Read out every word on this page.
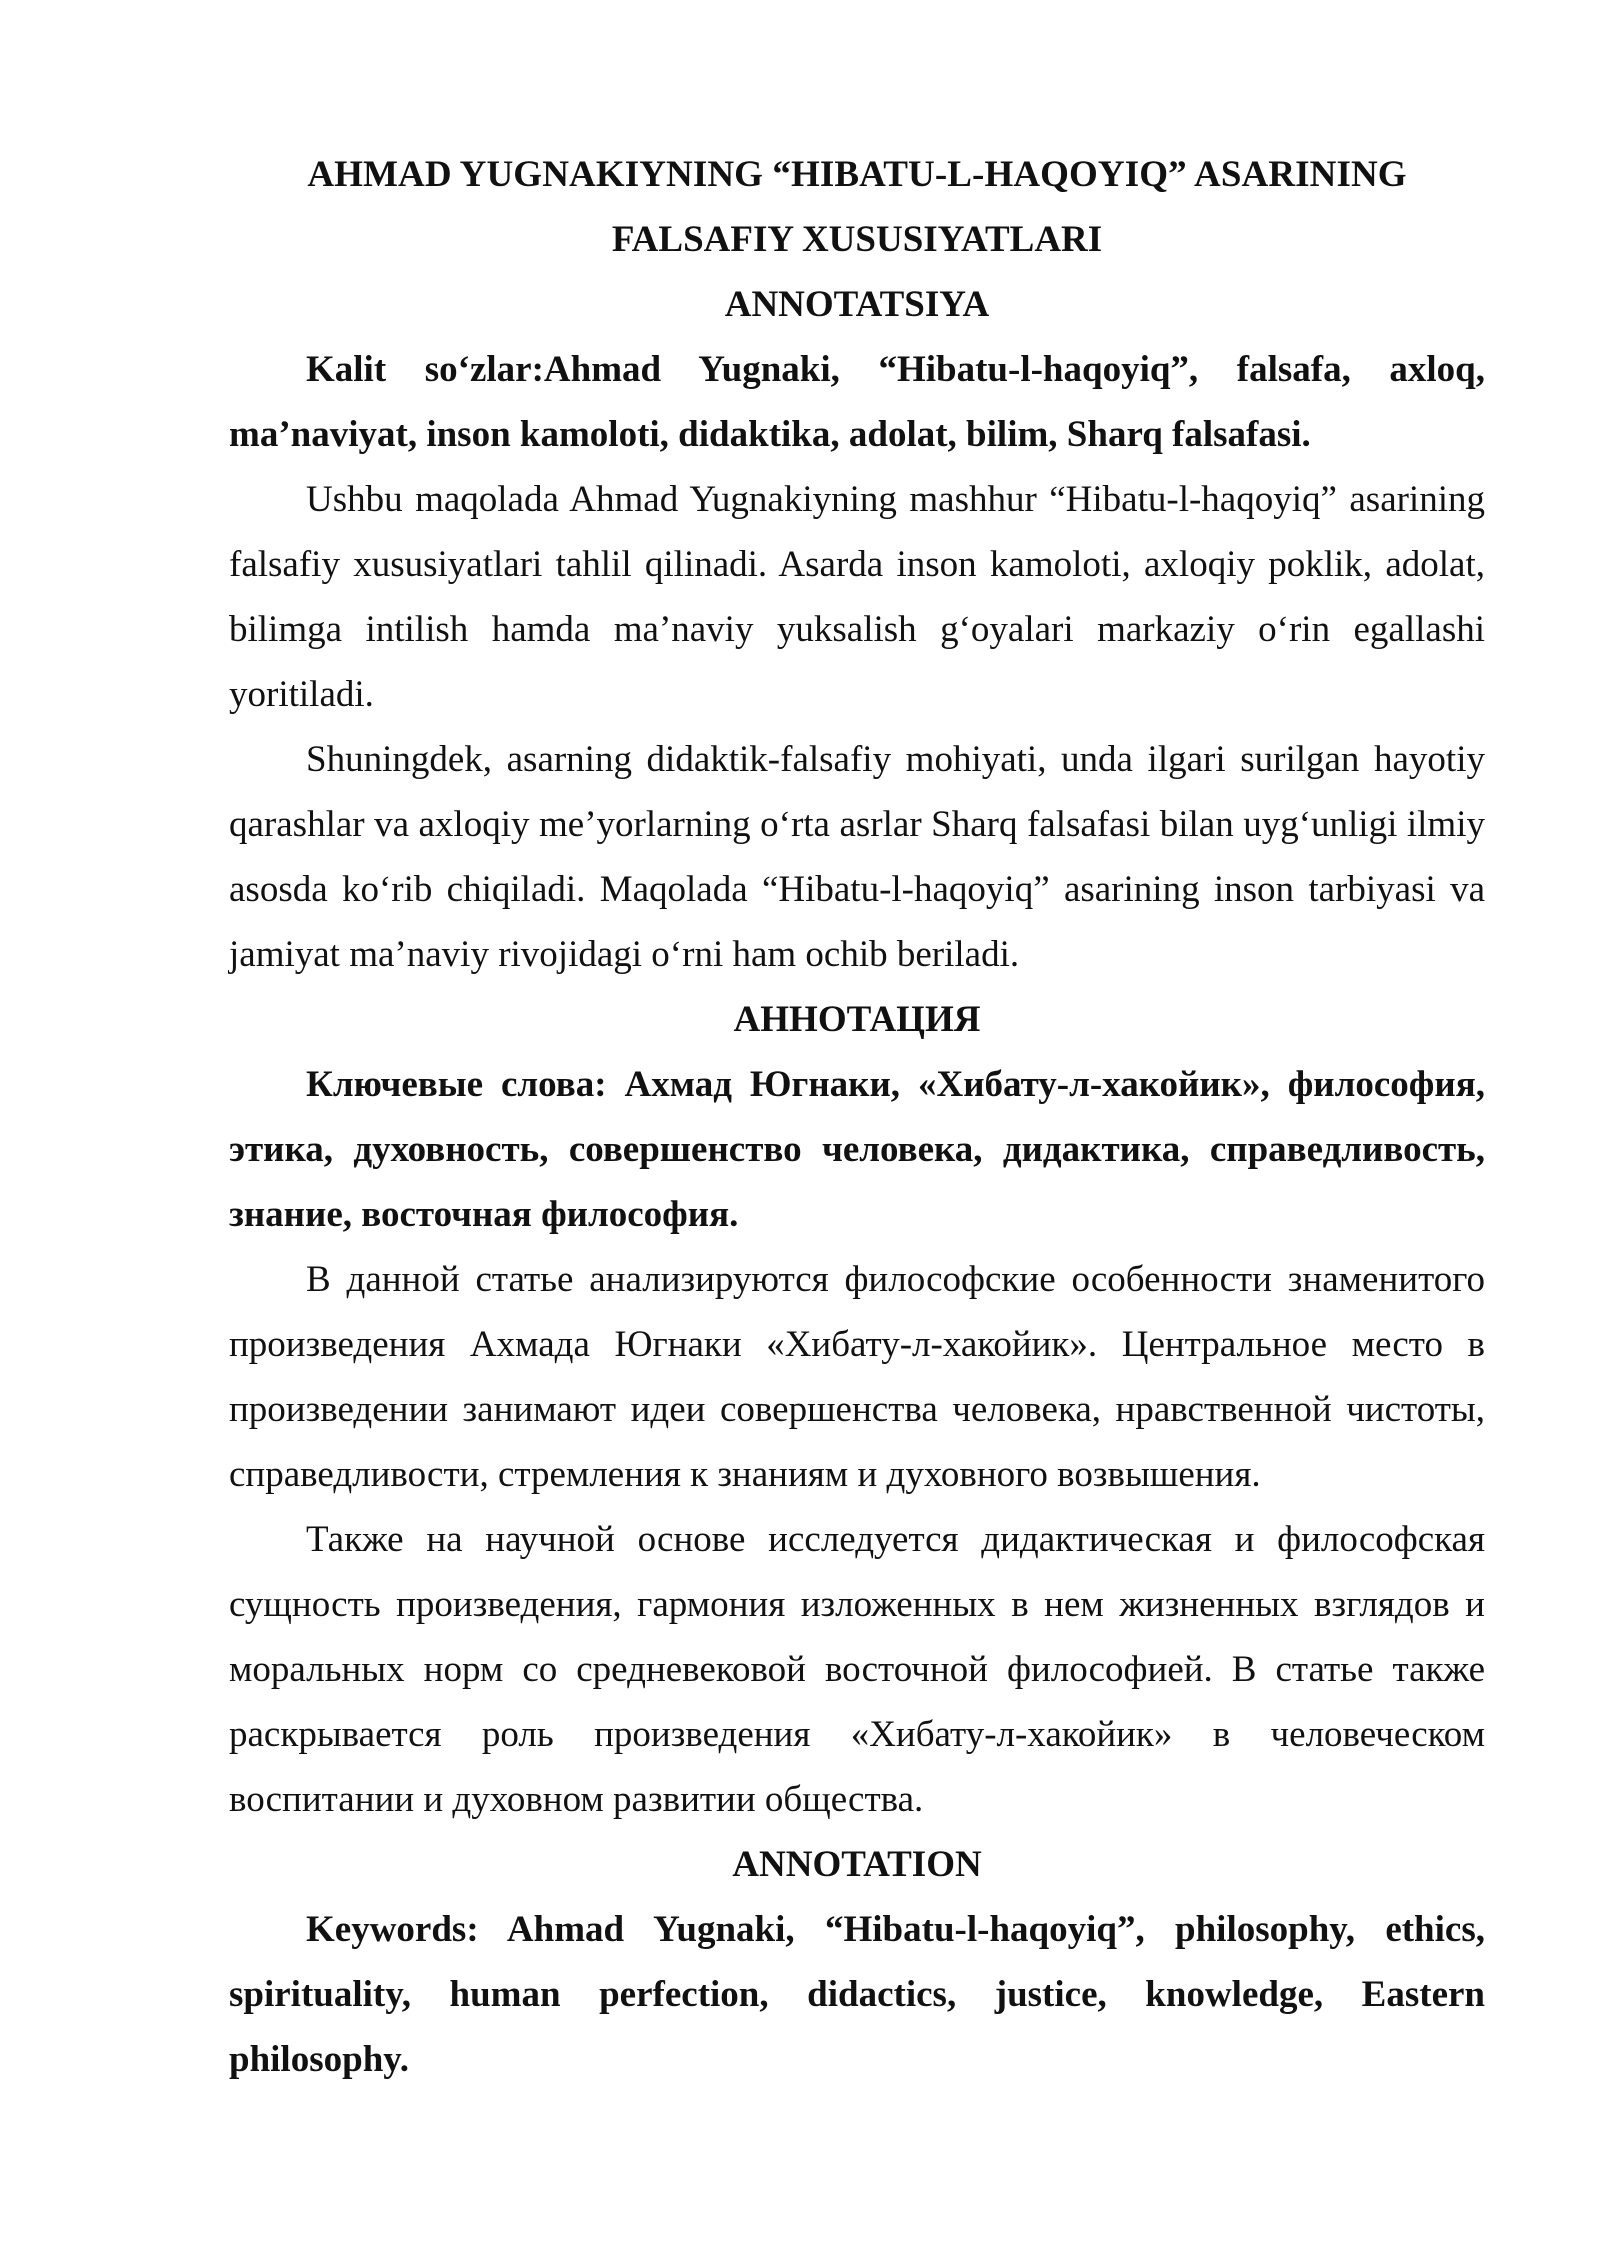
AHMAD YUGNAKIYNING “HIBATU-L-HAQOYIQ” ASARINING
FALSAFIY XUSUSIYATLARI
ANNOTATSIYA

Kalit so‘zlar:Ahmad Yugnaki, “Hibatu-l-haqoyiq”, falsafa, axloq, ma’naviyat, inson kamoloti, didaktika, adolat, bilim, Sharq falsafasi.

Ushbu maqolada Ahmad Yugnakiyning mashhur “Hibatu-l-haqoyiq” asarining falsafiy xususiyatlari tahlil qilinadi. Asarda inson kamoloti, axloqiy poklik, adolat, bilimga intilish hamda ma’naviy yuksalish g‘oyalari markaziy o‘rin egallashi yoritiladi.

Shuningdek, asarning didaktik-falsafiy mohiyati, unda ilgari surilgan hayotiy qarashlar va axloqiy me’yorlarning o‘rta asrlar Sharq falsafasi bilan uyg‘unligi ilmiy asosda ko‘rib chiqiladi. Maqolada “Hibatu-l-haqoyiq” asarining inson tarbiyasi va jamiyat ma’naviy rivojidagi o‘rni ham ochib beriladi.

АННОТАЦИЯ

Ключевые слова: Ахмад Югнаки, «Хибату-л-хакойик», философия, этика, духовность, совершенство человека, дидактика, справедливость, знание, восточная философия.

В данной статье анализируются философские особенности знаменитого произведения Ахмада Югнаки «Хибату-л-хакойик». Центральное место в произведении занимают идеи совершенства человека, нравственной чистоты, справедливости, стремления к знаниям и духовного возвышения.

Также на научной основе исследуется дидактическая и философская сущность произведения, гармония изложенных в нем жизненных взглядов и моральных норм со средневековой восточной философией. В статье также раскрывается роль произведения «Хибату-л-хакойик» в человеческом воспитании и духовном развитии общества.

ANNOTATION

Keywords: Ahmad Yugnaki, “Hibatu-l-haqoyiq”, philosophy, ethics, spirituality, human perfection, didactics, justice, knowledge, Eastern philosophy.
